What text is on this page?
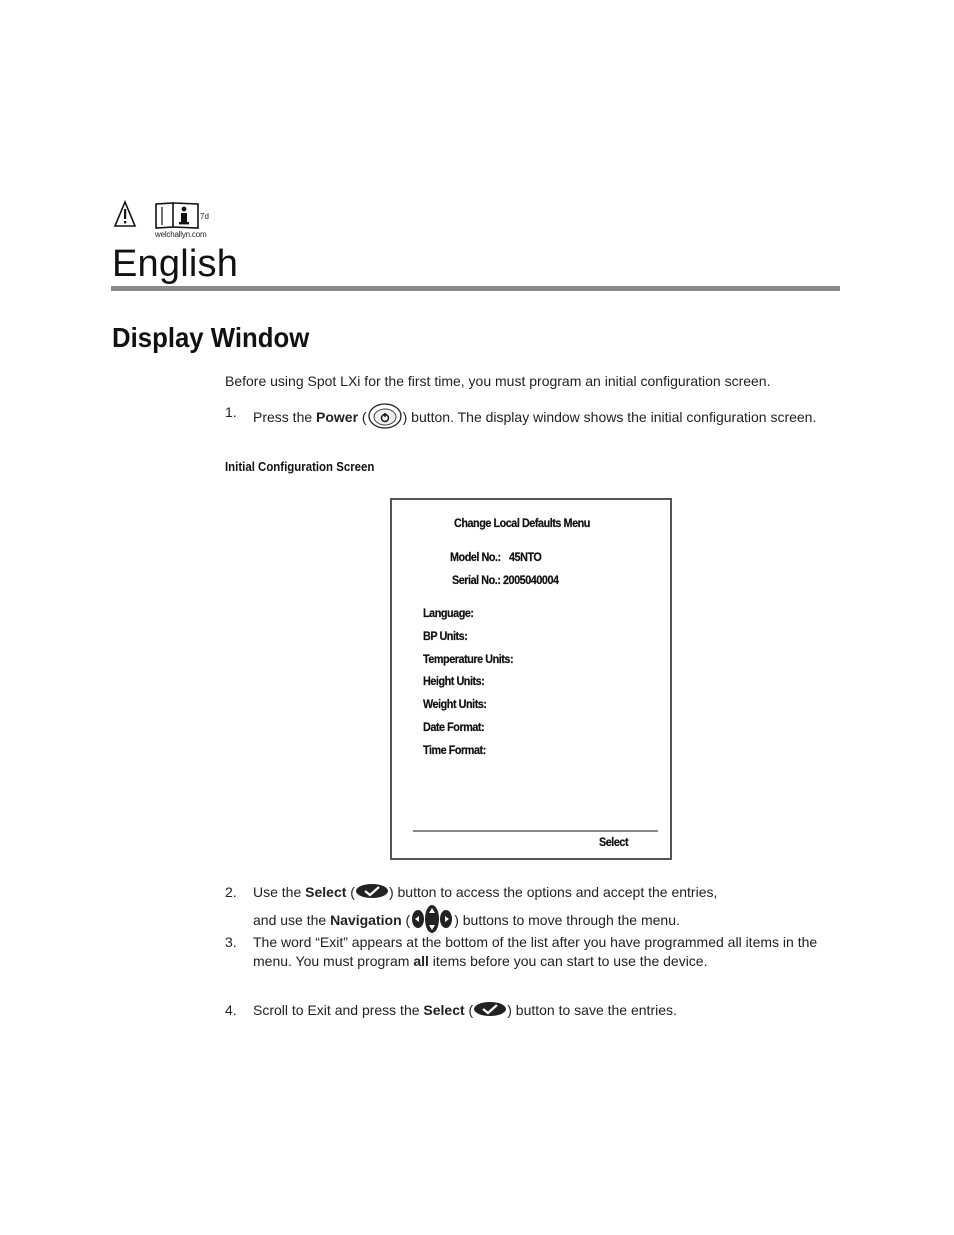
7d
welchallyn.com
English
Display Window
Before using Spot LXi for the first time, you must program an initial configuration screen.
1. Press the Power (	) button. The display window shows the initial configuration screen.
Initial Configuration Screen
Change Local Defaults Menu
Model No.: 45NTO
Serial No.: 2005040004
Language:
BP Units:
Temperature Units:
Height Units:
Weight Units:
Date Format:
Time Format:
Select
2. Use the Select ( ) button to access the options and accept the entries,
and use the Navigation (	) buttons to move through the menu.
3. The word “Exit” appears at the bottom of the list after you have programmed all items in the menu. You must program all items before you can start to use the device.
4. Scroll to Exit and press the Select ( ) button to save the entries.
